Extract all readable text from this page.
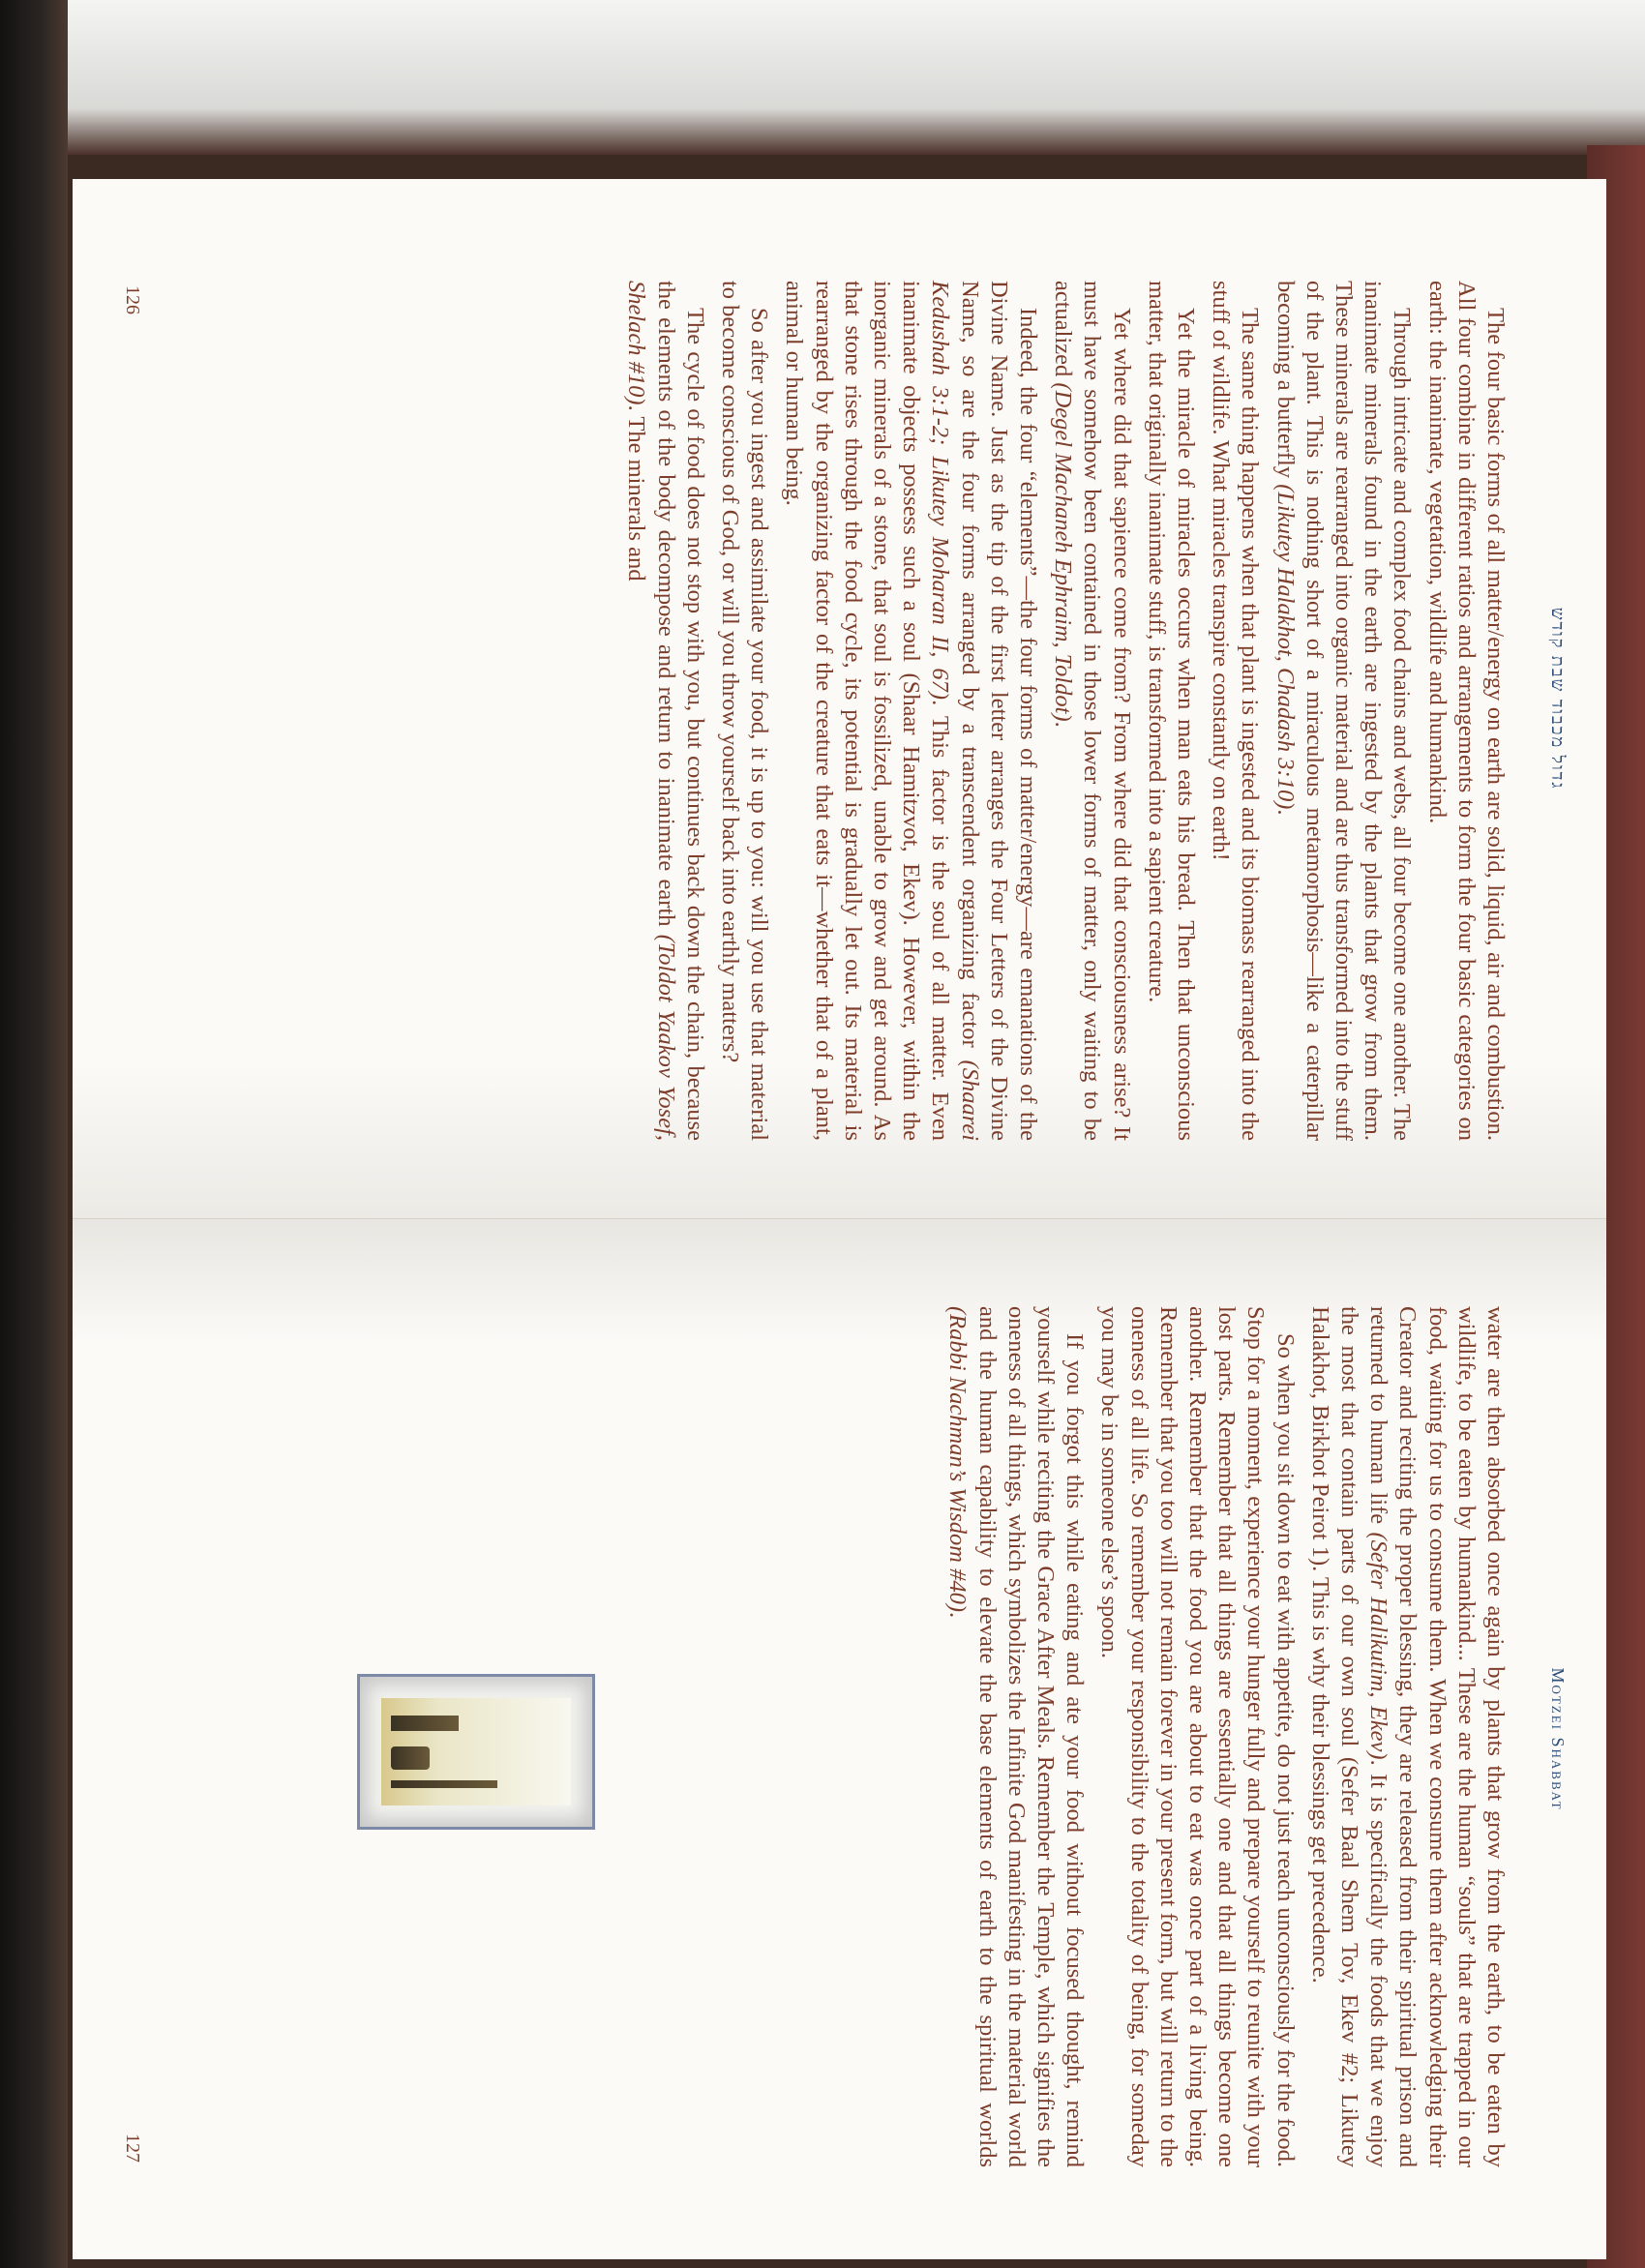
גדול מכבוד שבת קודש

The four basic forms of all matter/energy on earth are solid, liquid, air and combustion. All four combine in different ratios and arrangements to form the four basic categories on earth: the inanimate, vegetation, wildlife and humankind.

Through intricate and complex food chains and webs, all four become one another. The inanimate minerals found in the earth are ingested by the plants that grow from them. These minerals are rearranged into organic material and are thus transformed into the stuff of the plant. This is nothing short of a miraculous metamorphosis—like a caterpillar becoming a butterfly (Likutey Halakhot, Chadash 3:10).

The same thing happens when that plant is ingested and its biomass rearranged into the stuff of wildlife. What miracles transpire constantly on earth!

Yet the miracle of miracles occurs when man eats his bread. Then that unconscious matter, that originally inanimate stuff, is transformed into a sapient creature.

Yet where did that sapience come from? From where did that consciousness arise? It must have somehow been contained in those lower forms of matter, only waiting to be actualized (Degel Machaneh Ephraim, Toldot).

Indeed, the four “elements”—the four forms of matter/energy—are emanations of the Divine Name. Just as the tip of the first letter arranges the Four Letters of the Divine Name, so are the four forms arranged by a transcendent organizing factor (Shaarei Kedushah 3:1-2; Likutey Moharan II, 67). This factor is the soul of all matter. Even inanimate objects possess such a soul (Shaar Hamitzvot, Ekev). However, within the inorganic minerals of a stone, that soul is fossilized, unable to grow and get around. As that stone rises through the food cycle, its potential is gradually let out. Its material is rearranged by the organizing factor of the creature that eats it—whether that of a plant, animal or human being.

So after you ingest and assimilate your food, it is up to you: will you use that material to become conscious of God, or will you throw yourself back into earthly matters?

The cycle of food does not stop with you, but continues back down the chain, because the elements of the body decompose and return to inanimate earth (Toldot Yaakov Yosef, Shelach #10). The minerals and

126
Motzei Shabbat

water are then absorbed once again by plants that grow from the earth, to be eaten by wildlife, to be eaten by humankind... These are the human “souls” that are trapped in our food, waiting for us to consume them. When we consume them after acknowledging their Creator and reciting the proper blessing, they are released from their spiritual prison and returned to human life (Sefer Halikutim, Ekev). It is specifically the foods that we enjoy the most that contain parts of our own soul (Sefer Baal Shem Tov, Ekev #2; Likutey Halakhot, Birkhot Peirot 1). This is why their blessings get precedence.

So when you sit down to eat with appetite, do not just reach unconsciously for the food. Stop for a moment, experience your hunger fully and prepare yourself to reunite with your lost parts. Remember that all things are essentially one and that all things become one another. Remember that the food you are about to eat was once part of a living being. Remember that you too will not remain forever in your present form, but will return to the oneness of all life. So remember your responsibility to the totality of being, for someday you may be in someone else’s spoon.

If you forgot this while eating and ate your food without focused thought, remind yourself while reciting the Grace After Meals. Remember the Temple, which signifies the oneness of all things, which symbolizes the Infinite God manifesting in the material world and the human capability to elevate the base elements of earth to the spiritual worlds (Rabbi Nachman’s Wisdom #40).

127
